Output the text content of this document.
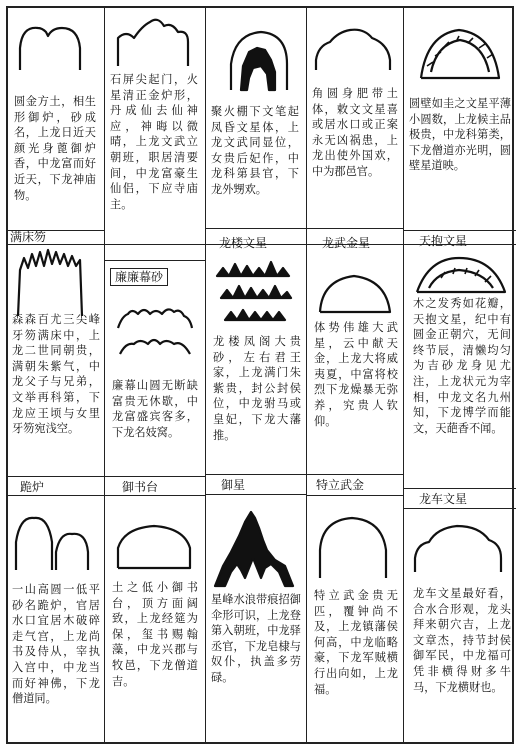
圆金方土，相生形御炉，砂成名，上龙日近天颜光身蓖御炉香，中龙富而好近天，下龙神庙物。
石屏尖起门，火星清正金炉形，丹成仙去仙神应，神晦以微晴，上龙文武立朝班，职居清要间，中龙富豪生仙侣，下应寺庙主。
聚火棚下文笔起凤昏文星体，上龙文武同显位，女贵后妃作，中龙科第县官，下龙外甥欢。
角圆身肥带土体，敕文文星喜或居水口或正案永无凶祸患，上龙出使外国欢，中为郡邑官。
圆壁如圭之文星平薄小圆数，上龙候主品极贵，中龙科第类，下龙僧道亦光明，圆壁星道映。
满床笏
森森百尤三尖峰牙笏满床中，上龙二世同朝贵，满朝朱紫气，中龙父子与兄弟，文举再科第，下龙应王顷与女里牙笏宛浅空。
廉廉幕砂
廉幕山圆无断缺富贵无休歇，中龙富盛宾客多，下龙名妓窝。
龙楼文星
龙楼凤阁大贵砂，左右君王家，上龙满门朱紫贵，封公封侯位，中龙驸马或皇妃，下龙大藩推。
龙武金星
体势伟雄大武星，云中献天金，上龙大将威夷夏，中富将校烈下龙燥暴无弥养，究贵人钦仰。
天抱文星
木之发秀如花瓣，天抱文星，纪中有圆金正朝穴，无间终节辰，清懒均匀为吉砂龙身见尤注，上龙状元为宰相，中龙文名九州知，下龙博学而能文，天葩香不闻。
跪炉
一山高圆一低平砂名跪炉，官居水口宜居木破碎走气宫，上龙尚书及侍从，宰执入宫中，中龙当而好神佛，下龙僧道同。
御书台
土之低小御书台，顶方面阔致，上龙经筵为保，玺书赐翰藻，中龙兴郡与牧邑，下龙僧道吉。
御星
星峰水浪带痕招御伞形可识，上龙登第入朝班，中龙驿丞官，下龙皂棣与奴仆，执盖多劳碌。
特立武金
特立武金贵无匹，覆钟尚不及，上龙镇藩侯何高，中龙临略豪，下龙军贼横行出向如，上龙福。
龙车文星
龙车文星最好看，合水合形观，龙头拜来朝穴吉，上龙文章杰，持节封侯御军民，中龙福可凭非横得财多牛马，下龙横财也。
